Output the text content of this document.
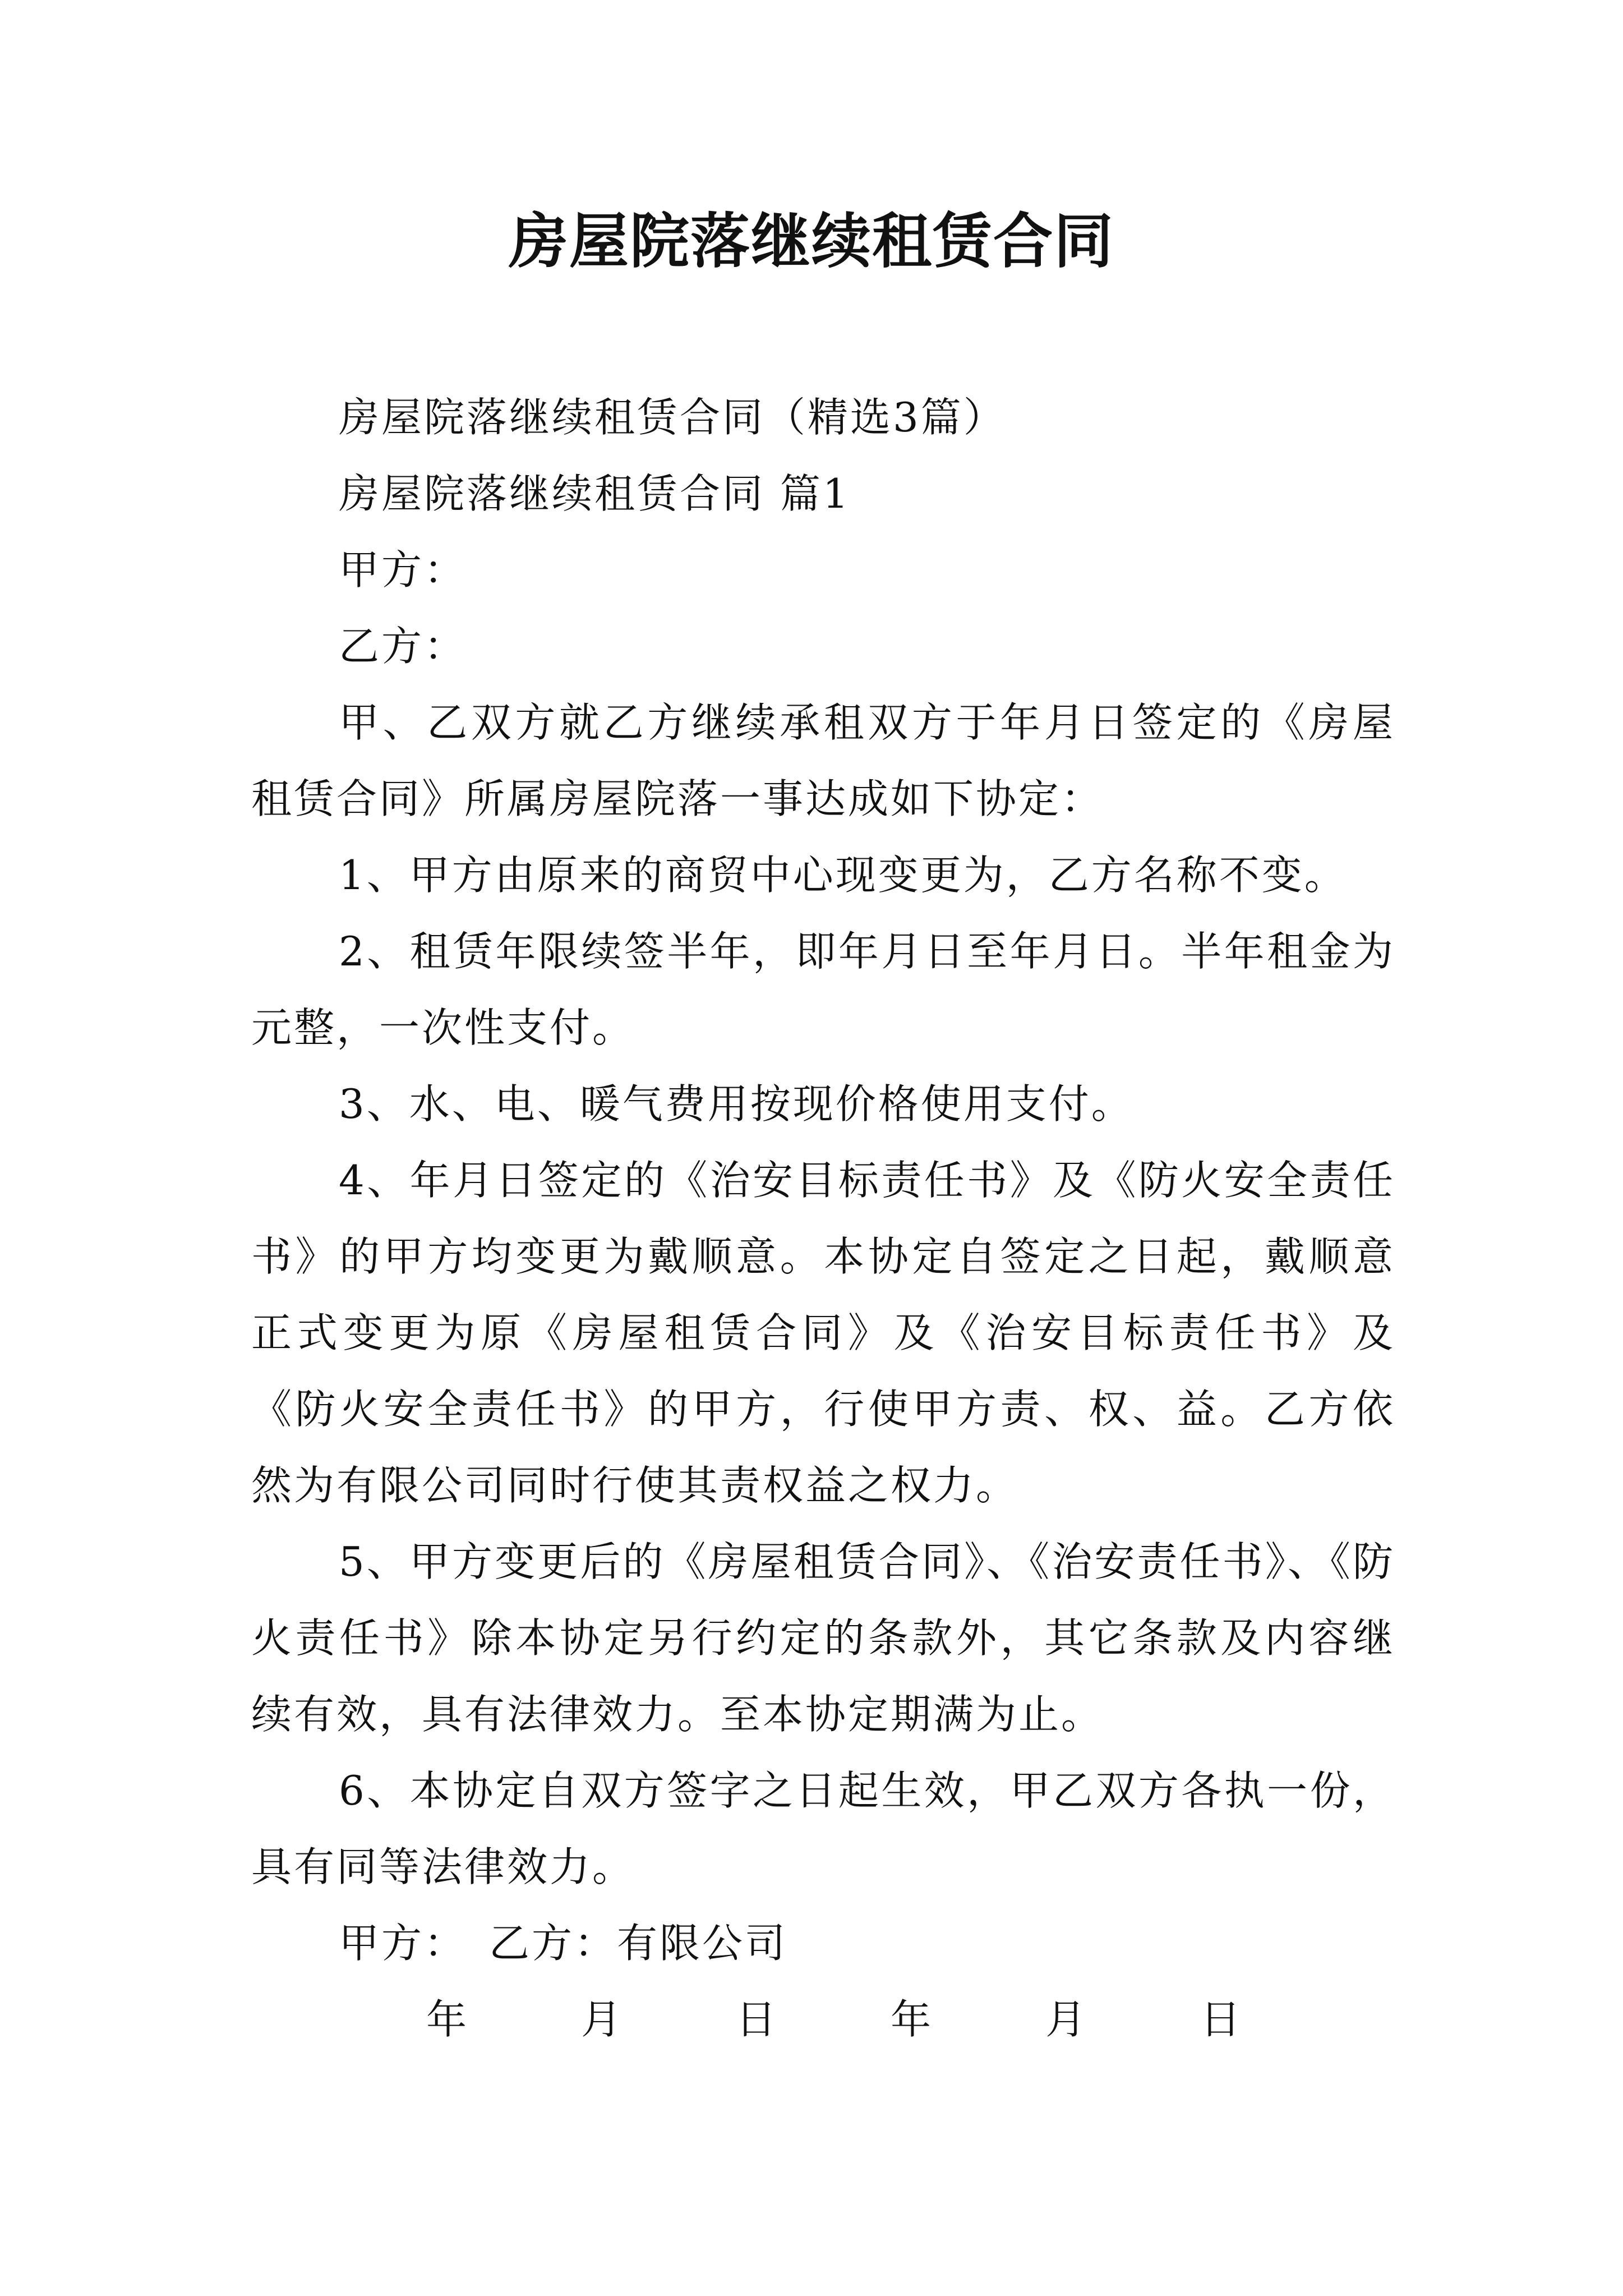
房屋院落继续租赁合同

房屋院落继续租赁合同（精选3篇）

房屋院落继续租赁合同 篇1

甲方：

乙方：

甲、乙双方就乙方继续承租双方于年月日签定的《房屋租赁合同》所属房屋院落一事达成如下协定：

1、甲方由原来的商贸中心现变更为，乙方名称不变。

2、租赁年限续签半年，即年月日至年月日。半年租金为元整，一次性支付。

3、水、电、暖气费用按现价格使用支付。

4、年月日签定的《治安目标责任书》及《防火安全责任书》的甲方均变更为戴顺意。本协定自签定之日起，戴顺意正式变更为原《房屋租赁合同》及《治安目标责任书》及《防火安全责任书》的甲方，行使甲方责、权、益。乙方依然为有限公司同时行使其责权益之权力。

5、甲方变更后的《房屋租赁合同》、《治安责任书》、《防火责任书》除本协定另行约定的条款外，其它条款及内容继续有效，具有法律效力。至本协定期满为止。

6、本协定自双方签字之日起生效，甲乙双方各执一份，具有同等法律效力。

甲方： 乙方：有限公司

年	月	日	年	月	日
